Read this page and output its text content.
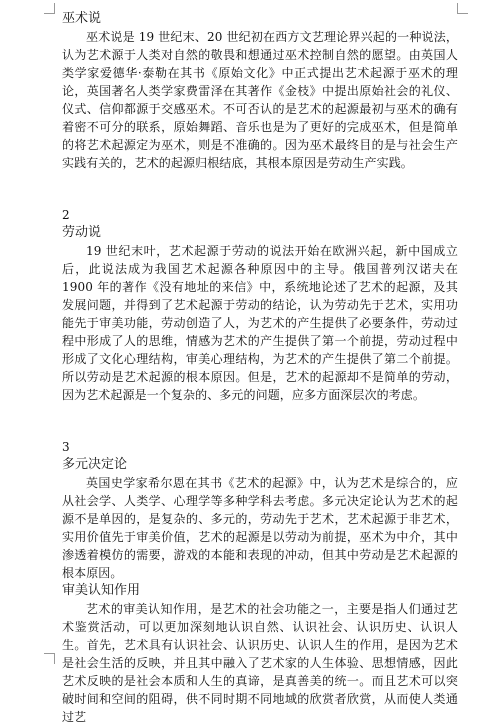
巫术说

巫术说是 19 世纪末、20 世纪初在西方文艺理论界兴起的一种说法，认为艺术源于人类对自然的敬畏和想通过巫术控制自然的愿望。由英国人类学家爱德华·泰勒在其书《原始文化》中正式提出艺术起源于巫术的理论，英国著名人类学家费雷泽在其著作《金枝》中提出原始社会的礼仪、仪式、信仰都源于交感巫术。不可否认的是艺术的起源最初与巫术的确有着密不可分的联系，原始舞蹈、音乐也是为了更好的完成巫术，但是简单的将艺术起源定为巫术，则是不准确的。因为巫术最终目的是与社会生产实践有关的，艺术的起源归根结底，其根本原因是劳动生产实践。

2

劳动说

19 世纪末叶，艺术起源于劳动的说法开始在欧洲兴起，新中国成立后，此说法成为我国艺术起源各种原因中的主导。俄国普列汉诺夫在 1900 年的著作《没有地址的来信》中，系统地论述了艺术的起源，及其发展问题，并得到了艺术起源于劳动的结论，认为劳动先于艺术，实用功能先于审美功能，劳动创造了人，为艺术的产生提供了必要条件，劳动过程中形成了人的思维，情感为艺术的产生提供了第一个前提，劳动过程中形成了文化心理结构，审美心理结构，为艺术的产生提供了第二个前提。所以劳动是艺术起源的根本原因。但是，艺术的起源却不是简单的劳动，因为艺术起源是一个复杂的、多元的问题，应多方面深层次的考虑。

3

多元决定论

英国史学家希尔恩在其书《艺术的起源》中，认为艺术是综合的，应从社会学、人类学、心理学等多种学科去考虑。多元决定论认为艺术的起源不是单因的，是复杂的、多元的，劳动先于艺术，艺术起源于非艺术，实用价值先于审美价值，艺术的起源是以劳动为前提，巫术为中介，其中渗透着模仿的需要，游戏的本能和表现的冲动，但其中劳动是艺术起源的根本原因。

审美认知作用

艺术的审美认知作用，是艺术的社会功能之一，主要是指人们通过艺术鉴赏活动，可以更加深刻地认识自然、认识社会、认识历史、认识人生。首先，艺术具有认识社会、认识历史、认识人生的作用，是因为艺术是社会生活的反映，并且其中融入了艺术家的人生体验、思想情感，因此艺术反映的是社会本质和人生的真谛，是真善美的统一。而且艺术可以突破时间和空间的阻碍，供不同时期不同地域的欣赏者欣赏，从而使人类通过艺
